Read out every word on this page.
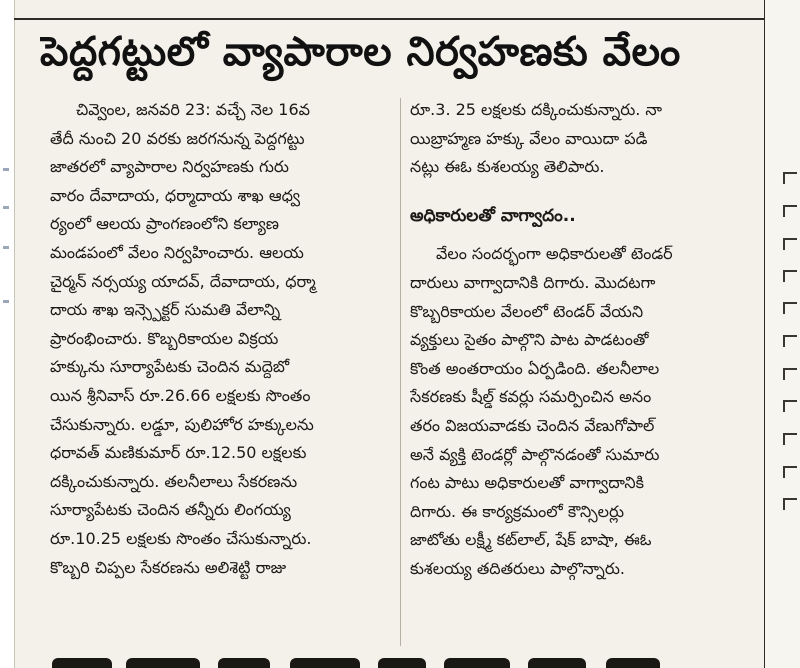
పెద్దగట్టులో వ్యాపారాల నిర్వహణకు వేలం

చివ్వెంల, జనవరి 23: వచ్చే నెల 16వ

తేదీ నుంచి 20 వరకు జరగనున్న పెద్దగట్టు

జాతరలో వ్యాపారాల నిర్వహణకు గురు

వారం దేవాదాయ, ధర్మాదాయ శాఖ ఆధ్వ

ర్యంలో ఆలయ ప్రాంగణంలోని కల్యాణ

మండపంలో వేలం నిర్వహించారు. ఆలయ

చైర్మన్ నర్సయ్య యాదవ్, దేవాదాయ, ధర్మా

దాయ శాఖ ఇన్స్పెక్టర్ సుమతి వేలాన్ని

ప్రారంభించారు. కొబ్బరికాయల విక్రయ

హక్కును సూర్యాపేటకు చెందిన మద్దెబో

యిన శ్రీనివాస్ రూ.26.66 లక్షలకు సొంతం

చేసుకున్నారు. లడ్డూ, పులిహోర హక్కులను

ధరావత్ మణికుమార్ రూ.12.50 లక్షలకు

దక్కించుకున్నారు. తలనీలాలు సేకరణను

సూర్యాపేటకు చెందిన తన్నీరు లింగయ్య

రూ.10.25 లక్షలకు సొంతం చేసుకున్నారు.

కొబ్బరి చిప్పల సేకరణను అలిశెట్టి రాజు

రూ.3. 25 లక్షలకు దక్కించుకున్నారు. నా

యిబ్రాహ్మణ హక్కు వేలం వాయిదా పడి

నట్లు ఈఓ కుశలయ్య తెలిపారు.

అధికారులతో వాగ్వాదం..

వేలం సందర్భంగా అధికారులతో టెండర్

దారులు వాగ్వాదానికి దిగారు. మొదటగా

కొబ్బరికాయల వేలంలో టెండర్ వేయని

వ్యక్తులు సైతం పాల్గొని పాట పాడటంతో

కొంత అంతరాయం ఏర్పడింది. తలనీలాల

సేకరణకు షీల్డ్ కవర్లు సమర్పించిన అనం

తరం విజయవాడకు చెందిన వేణుగోపాల్

అనే వ్యక్తి టెండర్లో పాల్గొనడంతో సుమారు

గంట పాటు అధికారులతో వాగ్వాదానికి

దిగారు. ఈ కార్యక్రమంలో కౌన్సిలర్లు

జాటోతు లక్ష్మీ కట్‌లాల్, షేక్ బాషా, ఈఓ

కుశలయ్య తదితరులు పాల్గొన్నారు.
